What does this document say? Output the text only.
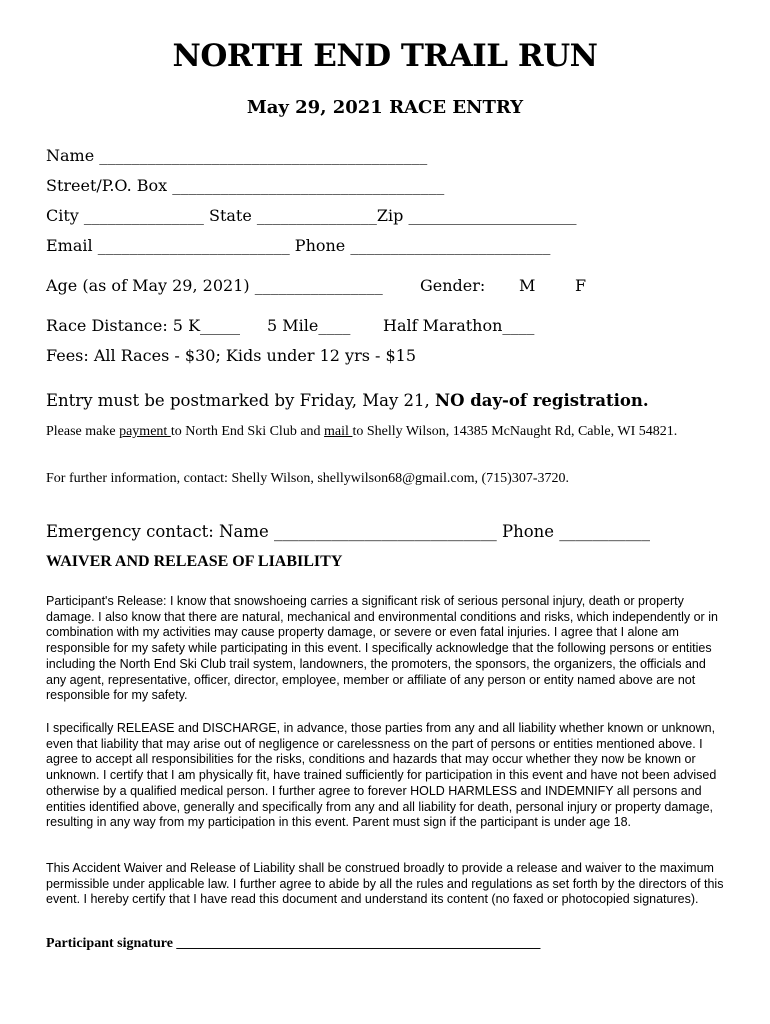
NORTH END TRAIL RUN
May 29, 2021 RACE ENTRY
Name _________________________________________
Street/P.O. Box __________________________________
City _______________ State _______________Zip _____________________
Email ________________________ Phone _________________________
Age (as of May 29, 2021) ________________ Gender: M F
Race Distance: 5 K_____ 5 Mile____ Half Marathon____
Fees: All Races - $30; Kids under 12 yrs - $15
Entry must be postmarked by Friday, May 21, NO day-of registration.

Please make payment to North End Ski Club and mail to Shelly Wilson, 14385 McNaught Rd, Cable, WI 54821.

For further information, contact: Shelly Wilson, shellywilson68@gmail.com, (715)307-3720.
Emergency contact: Name ___________________________ Phone ___________
WAIVER AND RELEASE OF LIABILITY

Participant's Release: I know that snowshoeing carries a significant risk of serious personal injury, death or property damage. I also know that there are natural, mechanical and environmental conditions and risks, which independently or in combination with my activities may cause property damage, or severe or even fatal injuries. I agree that I alone am responsible for my safety while participating in this event. I specifically acknowledge that the following persons or entities including the North End Ski Club trail system, landowners, the promoters, the sponsors, the organizers, the officials and any agent, representative, officer, director, employee, member or affiliate of any person or entity named above are not responsible for my safety.

I specifically RELEASE and DISCHARGE, in advance, those parties from any and all liability whether known or unknown, even that liability that may arise out of negligence or carelessness on the part of persons or entities mentioned above. I agree to accept all responsibilities for the risks, conditions and hazards that may occur whether they now be known or unknown. I certify that I am physically fit, have trained sufficiently for participation in this event and have not been advised otherwise by a qualified medical person. I further agree to forever HOLD HARMLESS and INDEMNIFY all persons and entities identified above, generally and specifically from any and all liability for death, personal injury or property damage, resulting in any way from my participation in this event. Parent must sign if the participant is under age 18.

This Accident Waiver and Release of Liability shall be construed broadly to provide a release and waiver to the maximum permissible under applicable law. I further agree to abide by all the rules and regulations as set forth by the directors of this event. I hereby certify that I have read this document and understand its content (no faxed or photocopied signatures).

Participant signature ____________________________________________________
